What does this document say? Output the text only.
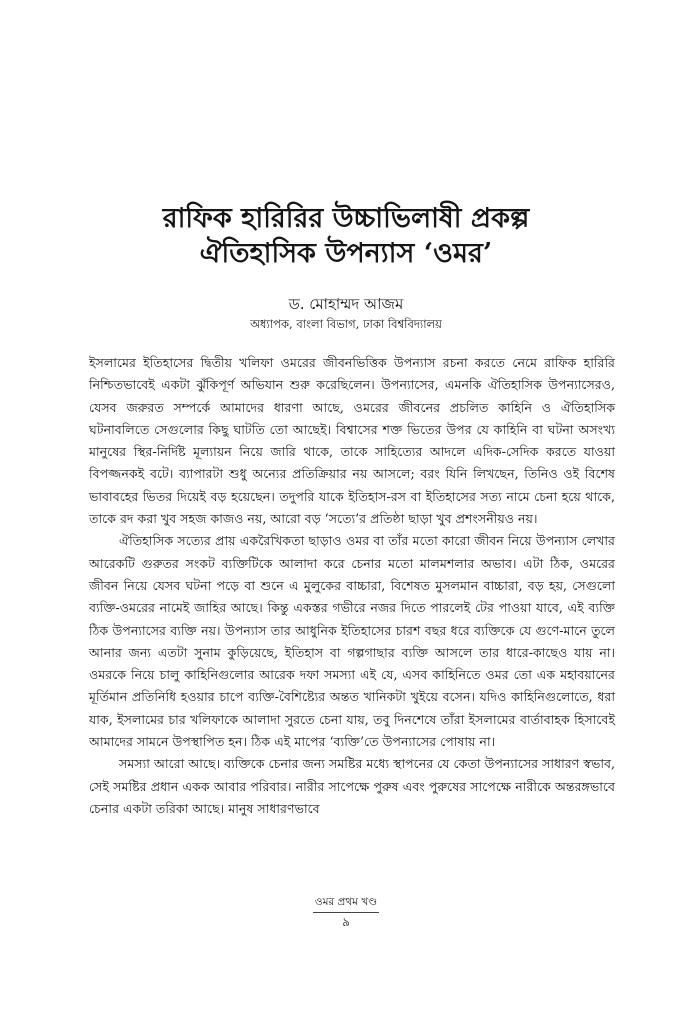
রাফিক হারিরির উচ্চাভিলাষী প্রকল্প
ঐতিহাসিক উপন্যাস ‘ওমর’
ড. মোহাম্মদ আজম
অধ্যাপক, বাংলা বিভাগ, ঢাকা বিশ্ববিদ্যালয়

ইসলামের ইতিহাসের দ্বিতীয় খলিফা ওমরের জীবনভিত্তিক উপন্যাস রচনা করতে নেমে রাফিক হারিরি নিশ্চিতভাবেই একটা ঝুঁকিপূর্ণ অভিযান শুরু করেছিলেন। উপন্যাসের, এমনকি ঐতিহাসিক উপন্যাসেরও, যেসব জরুরত সম্পর্কে আমাদের ধারণা আছে, ওমরের জীবনের প্রচলিত কাহিনি ও ঐতিহাসিক ঘটনাবলিতে সেগুলোর কিছু ঘাটতি তো আছেই। বিশ্বাসের শক্ত ভিতের উপর যে কাহিনি বা ঘটনা অসংখ্য মানুষের স্থির-নির্দিষ্ট মূল্যায়ন নিয়ে জারি থাকে, তাকে সাহিত্যের আদলে এদিক-সেদিক করতে যাওয়া বিপজ্জনকই বটে। ব্যাপারটা শুধু অন্যের প্রতিক্রিয়ার নয় আসলে; বরং যিনি লিখছেন, তিনিও ওই বিশেষ ভাবাবহের ভিতর দিয়েই বড় হয়েছেন। তদুপরি যাকে ইতিহাস-রস বা ইতিহাসের সত্য নামে চেনা হয়ে থাকে, তাকে রদ করা খুব সহজ কাজও নয়, আরো বড় ‘সত্যে’র প্রতিষ্ঠা ছাড়া খুব প্রশংসনীয়ও নয়।

ঐতিহাসিক সত্যের প্রায় একরৈখিকতা ছাড়াও ওমর বা তাঁর মতো কারো জীবন নিয়ে উপন্যাস লেখার আরেকটি গুরুতর সংকট ব্যক্তিটিকে আলাদা করে চেনার মতো মালমশলার অভাব। এটা ঠিক, ওমরের জীবন নিয়ে যেসব ঘটনা পড়ে বা শুনে এ মুলুকের বাচ্চারা, বিশেষত মুসলমান বাচ্চারা, বড় হয়, সেগুলো ব্যক্তি-ওমরের নামেই জাহির আছে। কিন্তু একস্তর গভীরে নজর দিতে পারলেই টের পাওয়া যাবে, এই ব্যক্তি ঠিক উপন্যাসের ব্যক্তি নয়। উপন্যাস তার আধুনিক ইতিহাসের চারশ বছর ধরে ব্যক্তিকে যে গুণে-মানে তুলে আনার জন্য এতটা সুনাম কুড়িয়েছে, ইতিহাস বা গল্পগাছার ব্যক্তি আসলে তার ধারে-কাছেও যায় না। ওমরকে নিয়ে চালু কাহিনিগুলোর আরেক দফা সমস্যা এই যে, এসব কাহিনিতে ওমর তো এক মহাবয়ানের মূর্তিমান প্রতিনিধি হওয়ার চাপে ব্যক্তি-বৈশিষ্ট্যের অন্তত খানিকটা খুইয়ে বসেন। যদিও কাহিনিগুলোতে, ধরা যাক, ইসলামের চার খলিফাকে আলাদা সুরতে চেনা যায়, তবু দিনশেষে তাঁরা ইসলামের বার্তাবাহক হিসাবেই আমাদের সামনে উপস্থাপিত হন। ঠিক এই মাপের ‘ব্যক্তি’তে উপন্যাসের পোষায় না।

সমস্যা আরো আছে। ব্যক্তিকে চেনার জন্য সমষ্টির মধ্যে স্থাপনের যে কেতা উপন্যাসের সাধারণ স্বভাব, সেই সমষ্টির প্রধান একক আবার পরিবার। নারীর সাপেক্ষে পুরুষ এবং পুরুষের সাপেক্ষে নারীকে অন্তরঙ্গভাবে চেনার একটা তরিকা আছে। মানুষ সাধারণভাবে

ওমর প্রথম খণ্ড
৯
